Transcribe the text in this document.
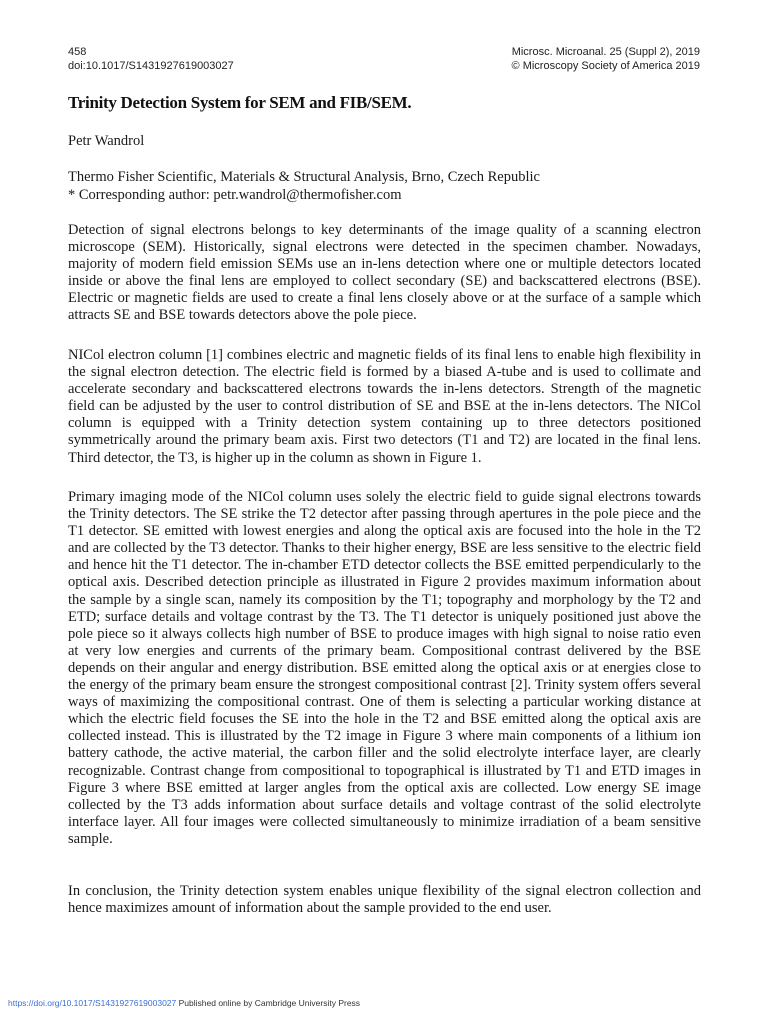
458
doi:10.1017/S1431927619003027
Microsc. Microanal. 25 (Suppl 2), 2019
© Microscopy Society of America 2019
Trinity Detection System for SEM and FIB/SEM.
Petr Wandrol
Thermo Fisher Scientific, Materials & Structural Analysis, Brno, Czech Republic
* Corresponding author: petr.wandrol@thermofisher.com

Detection of signal electrons belongs to key determinants of the image quality of a scanning electron microscope (SEM). Historically, signal electrons were detected in the specimen chamber. Nowadays, majority of modern field emission SEMs use an in-lens detection where one or multiple detectors located inside or above the final lens are employed to collect secondary (SE) and backscattered electrons (BSE). Electric or magnetic fields are used to create a final lens closely above or at the surface of a sample which attracts SE and BSE towards detectors above the pole piece.

NICol electron column [1] combines electric and magnetic fields of its final lens to enable high flexibility in the signal electron detection. The electric field is formed by a biased A-tube and is used to collimate and accelerate secondary and backscattered electrons towards the in-lens detectors. Strength of the magnetic field can be adjusted by the user to control distribution of SE and BSE at the in-lens detectors. The NICol column is equipped with a Trinity detection system containing up to three detectors positioned symmetrically around the primary beam axis. First two detectors (T1 and T2) are located in the final lens. Third detector, the T3, is higher up in the column as shown in Figure 1.

Primary imaging mode of the NICol column uses solely the electric field to guide signal electrons towards the Trinity detectors. The SE strike the T2 detector after passing through apertures in the pole piece and the T1 detector. SE emitted with lowest energies and along the optical axis are focused into the hole in the T2 and are collected by the T3 detector. Thanks to their higher energy, BSE are less sensitive to the electric field and hence hit the T1 detector. The in-chamber ETD detector collects the BSE emitted perpendicularly to the optical axis. Described detection principle as illustrated in Figure 2 provides maximum information about the sample by a single scan, namely its composition by the T1; topography and morphology by the T2 and ETD; surface details and voltage contrast by the T3. The T1 detector is uniquely positioned just above the pole piece so it always collects high number of BSE to produce images with high signal to noise ratio even at very low energies and currents of the primary beam. Compositional contrast delivered by the BSE depends on their angular and energy distribution. BSE emitted along the optical axis or at energies close to the energy of the primary beam ensure the strongest compositional contrast [2]. Trinity system offers several ways of maximizing the compositional contrast. One of them is selecting a particular working distance at which the electric field focuses the SE into the hole in the T2 and BSE emitted along the optical axis are collected instead. This is illustrated by the T2 image in Figure 3 where main components of a lithium ion battery cathode, the active material, the carbon filler and the solid electrolyte interface layer, are clearly recognizable. Contrast change from compositional to topographical is illustrated by T1 and ETD images in Figure 3 where BSE emitted at larger angles from the optical axis are collected. Low energy SE image collected by the T3 adds information about surface details and voltage contrast of the solid electrolyte interface layer. All four images were collected simultaneously to minimize irradiation of a beam sensitive sample.

In conclusion, the Trinity detection system enables unique flexibility of the signal electron collection and hence maximizes amount of information about the sample provided to the end user.

https://doi.org/10.1017/S1431927619003027 Published online by Cambridge University Press
